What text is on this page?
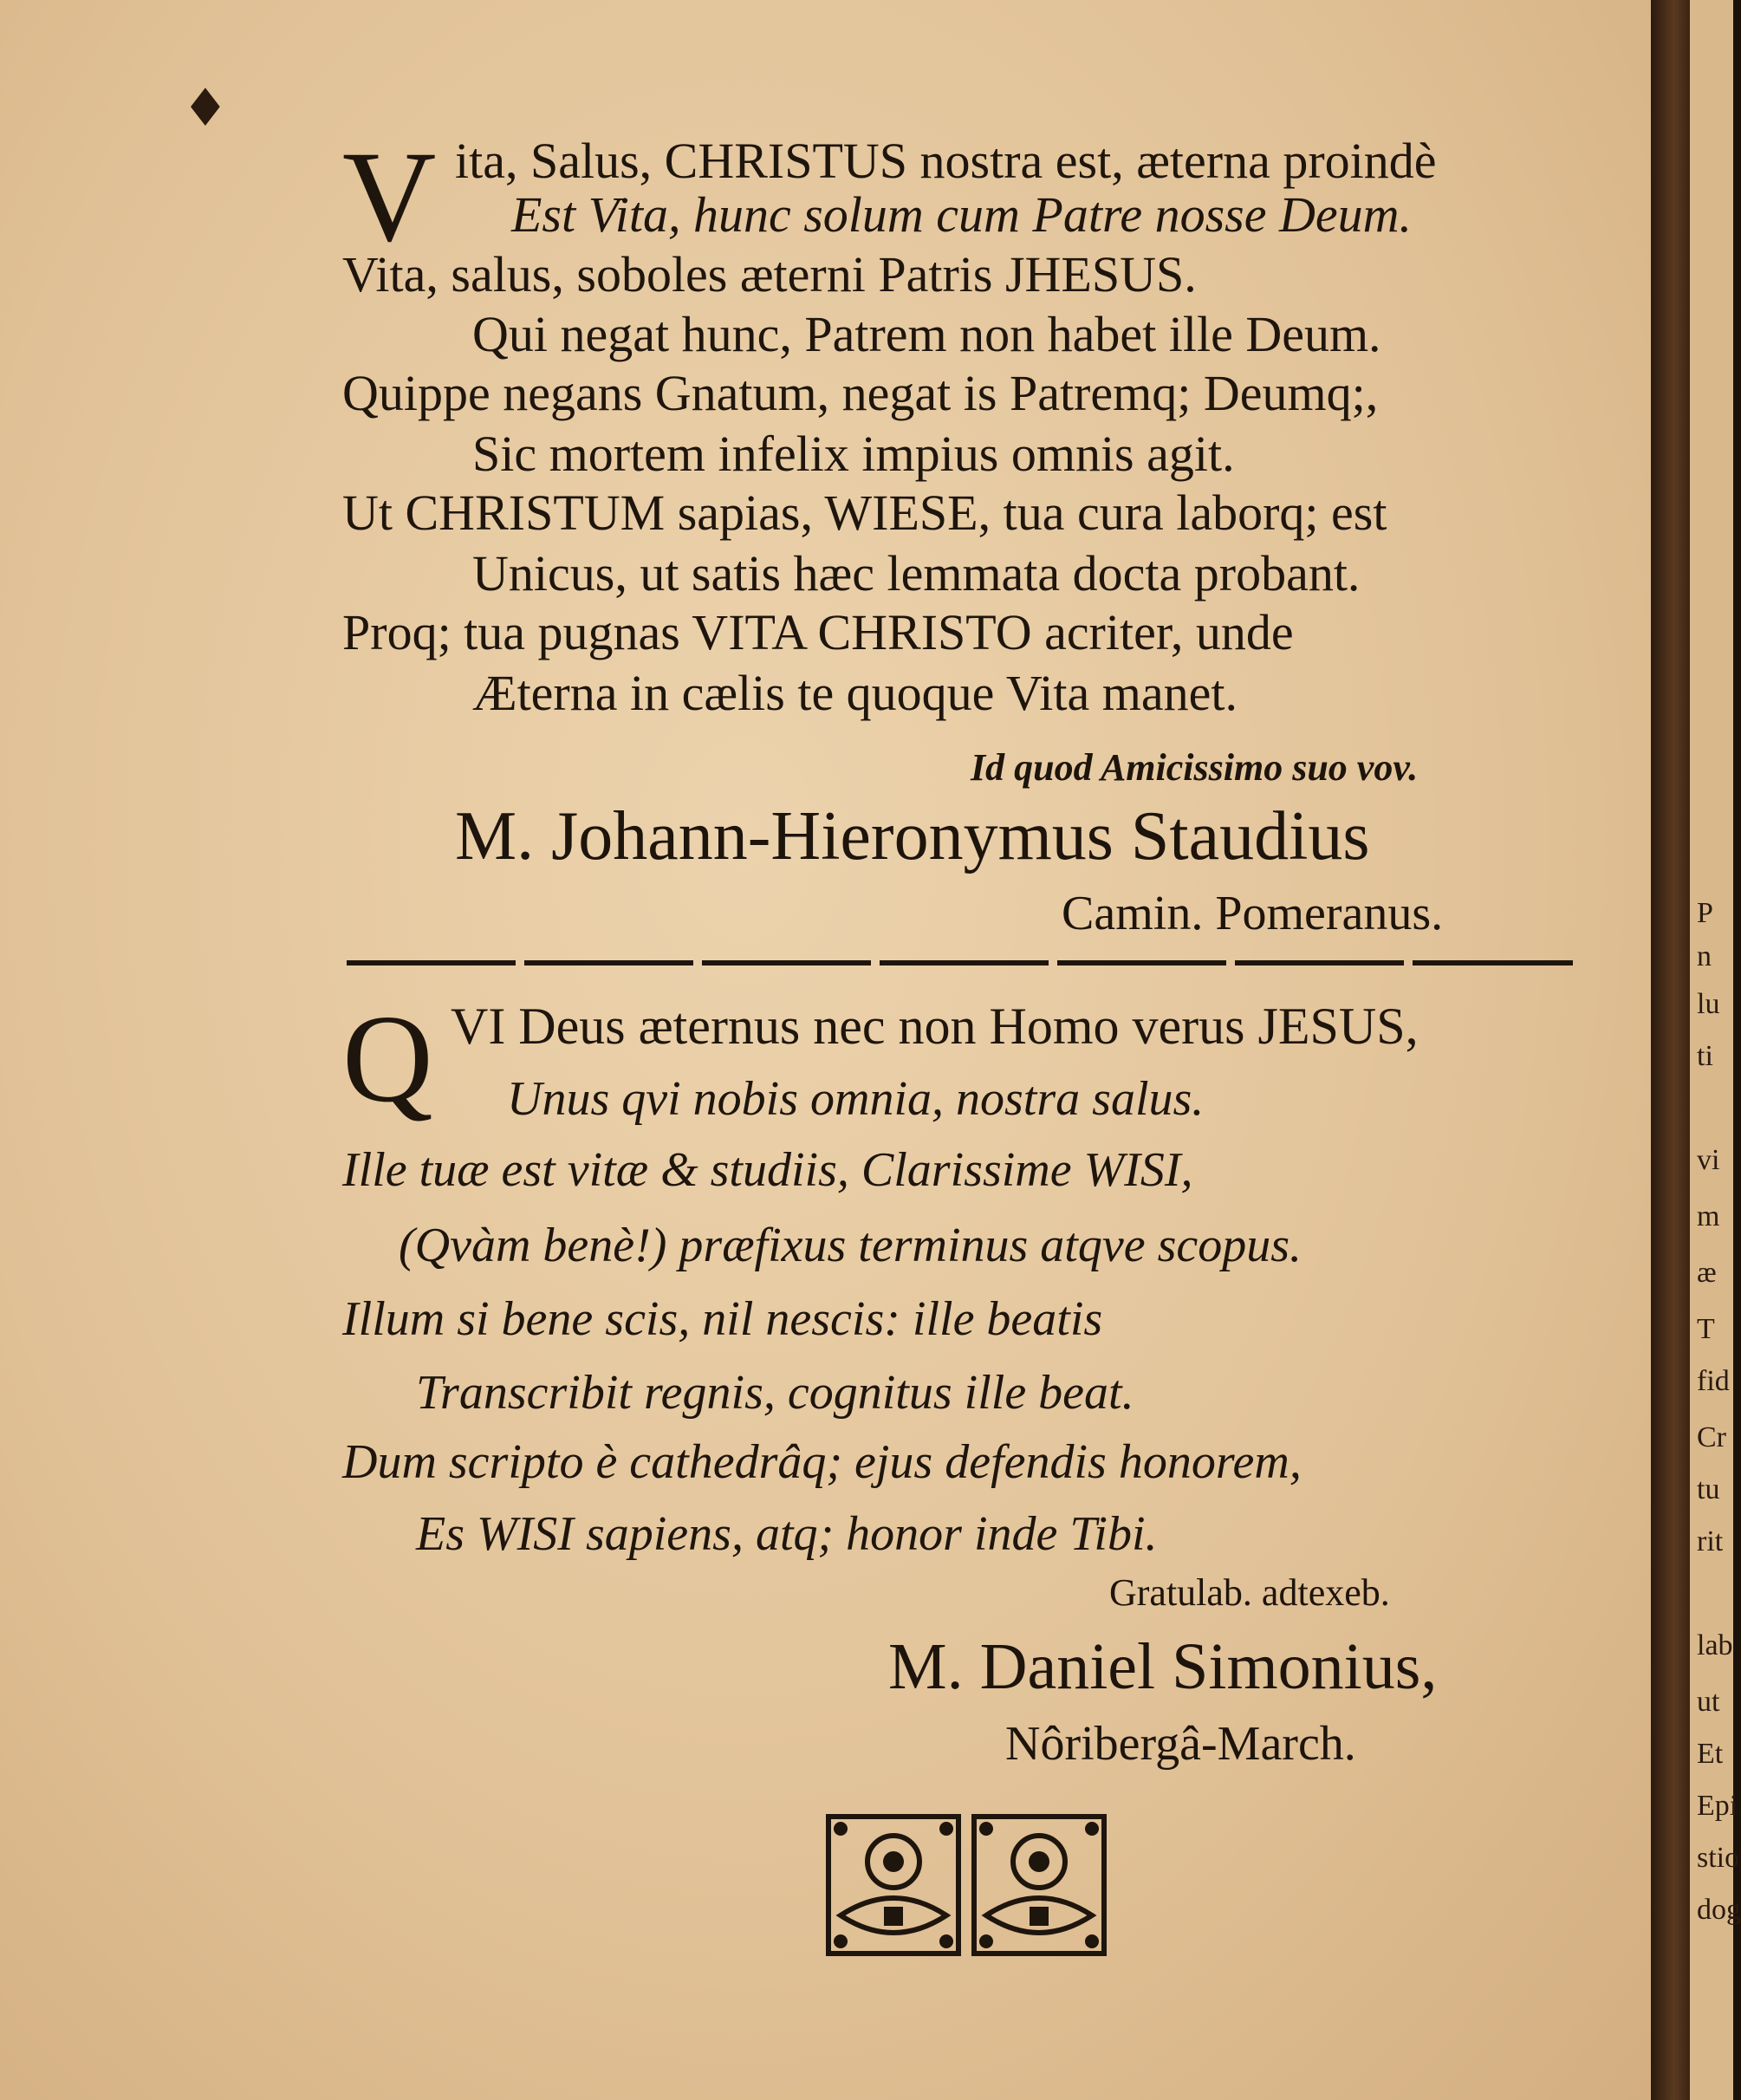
♦
V ita, Salus, CHRISTUS nostra est, æterna proindè
Est Vita, hunc solum cum Patre nosse Deum.
Vita, salus, soboles æterni Patris JHESUS.
Qui negat hunc, Patrem non habet ille Deum.
Quippe negans Gnatum, negat is Patremq; Deumq;,
Sic mortem infelix impius omnis agit.
Ut CHRISTUM sapias, WIESE, tua cura laborq; est
Unicus, ut satis hæc lemmata docta probant.
Proq; tua pugnas VITA CHRISTO acriter, unde
Æterna in cælis te quoque Vita manet.
Id quod Amicissimo suo vov.
M. Johann-Hieronymus Staudius
Camin. Pomeranus.
Q VI Deus æternus nec non Homo verus JESUS,
Unus qvi nobis omnia, nostra salus.
Ille tuæ est vitæ & studiis, Clarissime WISI,
(Qvàm benè!) præfixus terminus atqve scopus.
Illum si bene scis, nil nescis: ille beatis
Transcribit regnis, cognitus ille beat.
Dum scripto è cathedrâq; ejus defendis honorem,
Es WISI sapiens, atq; honor inde Tibi.
Gratulab. adtexeb.
M. Daniel Simonius,
Nôribergâ-March.
P
n
lu
ti
vi
m
æ
T
fid
Cr
tu
rit
lab
ut
Et
Epi
stio
dog
